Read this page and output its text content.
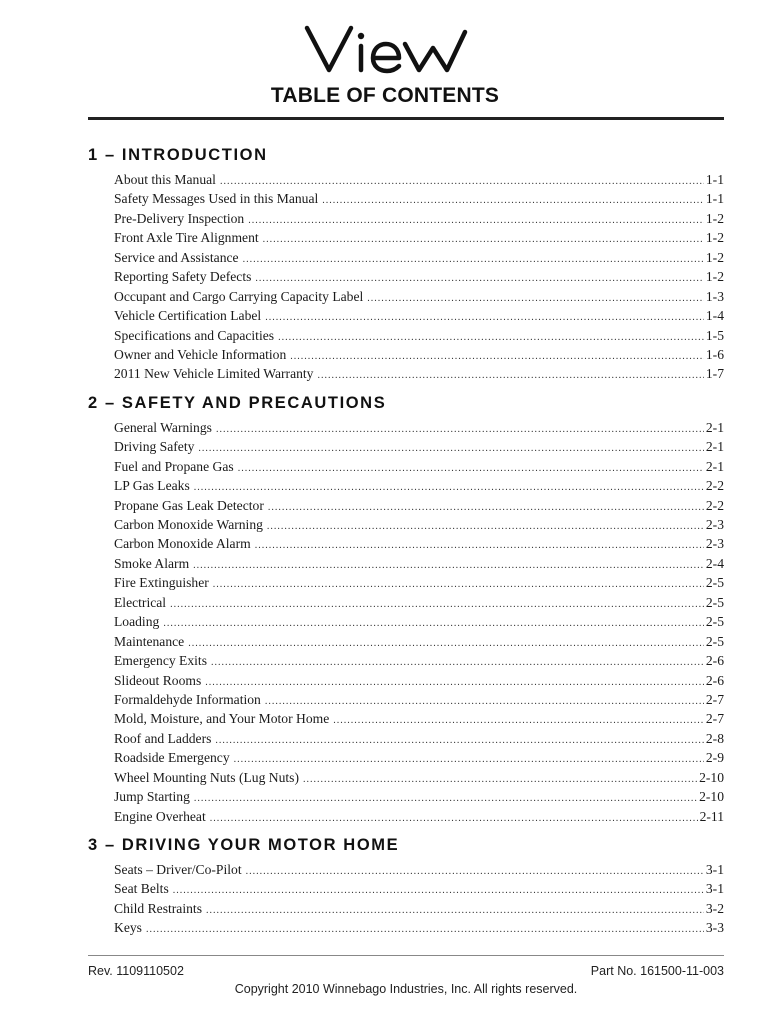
TABLE OF CONTENTS
1 – INTRODUCTION
About this Manual .....	1-1
Safety Messages Used in this Manual .....	1-1
Pre-Delivery Inspection .....	1-2
Front Axle Tire Alignment .....	1-2
Service and Assistance .....	1-2
Reporting Safety Defects .....	1-2
Occupant and Cargo Carrying Capacity Label .....	1-3
Vehicle Certification Label .....	1-4
Specifications and Capacities .....	1-5
Owner and Vehicle Information .....	1-6
2011 New Vehicle Limited Warranty .....	1-7
2 – SAFETY AND PRECAUTIONS
General Warnings .....	2-1
Driving Safety .....	2-1
Fuel and Propane Gas .....	2-1
LP Gas Leaks .....	2-2
Propane Gas Leak Detector .....	2-2
Carbon Monoxide Warning .....	2-3
Carbon Monoxide Alarm .....	2-3
Smoke Alarm .....	2-4
Fire Extinguisher .....	2-5
Electrical .....	2-5
Loading .....	2-5
Maintenance .....	2-5
Emergency Exits .....	2-6
Slideout Rooms .....	2-6
Formaldehyde Information .....	2-7
Mold, Moisture, and Your Motor Home .....	2-7
Roof and Ladders .....	2-8
Roadside Emergency .....	2-9
Wheel Mounting Nuts (Lug Nuts) .....	2-10
Jump Starting .....	2-10
Engine Overheat .....	2-11
3 – DRIVING YOUR MOTOR HOME
Seats – Driver/Co-Pilot .....	3-1
Seat Belts .....	3-1
Child Restraints .....	3-2
Keys .....	3-3
Rev. 1109110502	Part No. 161500-11-003
Copyright 2010 Winnebago Industries, Inc. All rights reserved.
